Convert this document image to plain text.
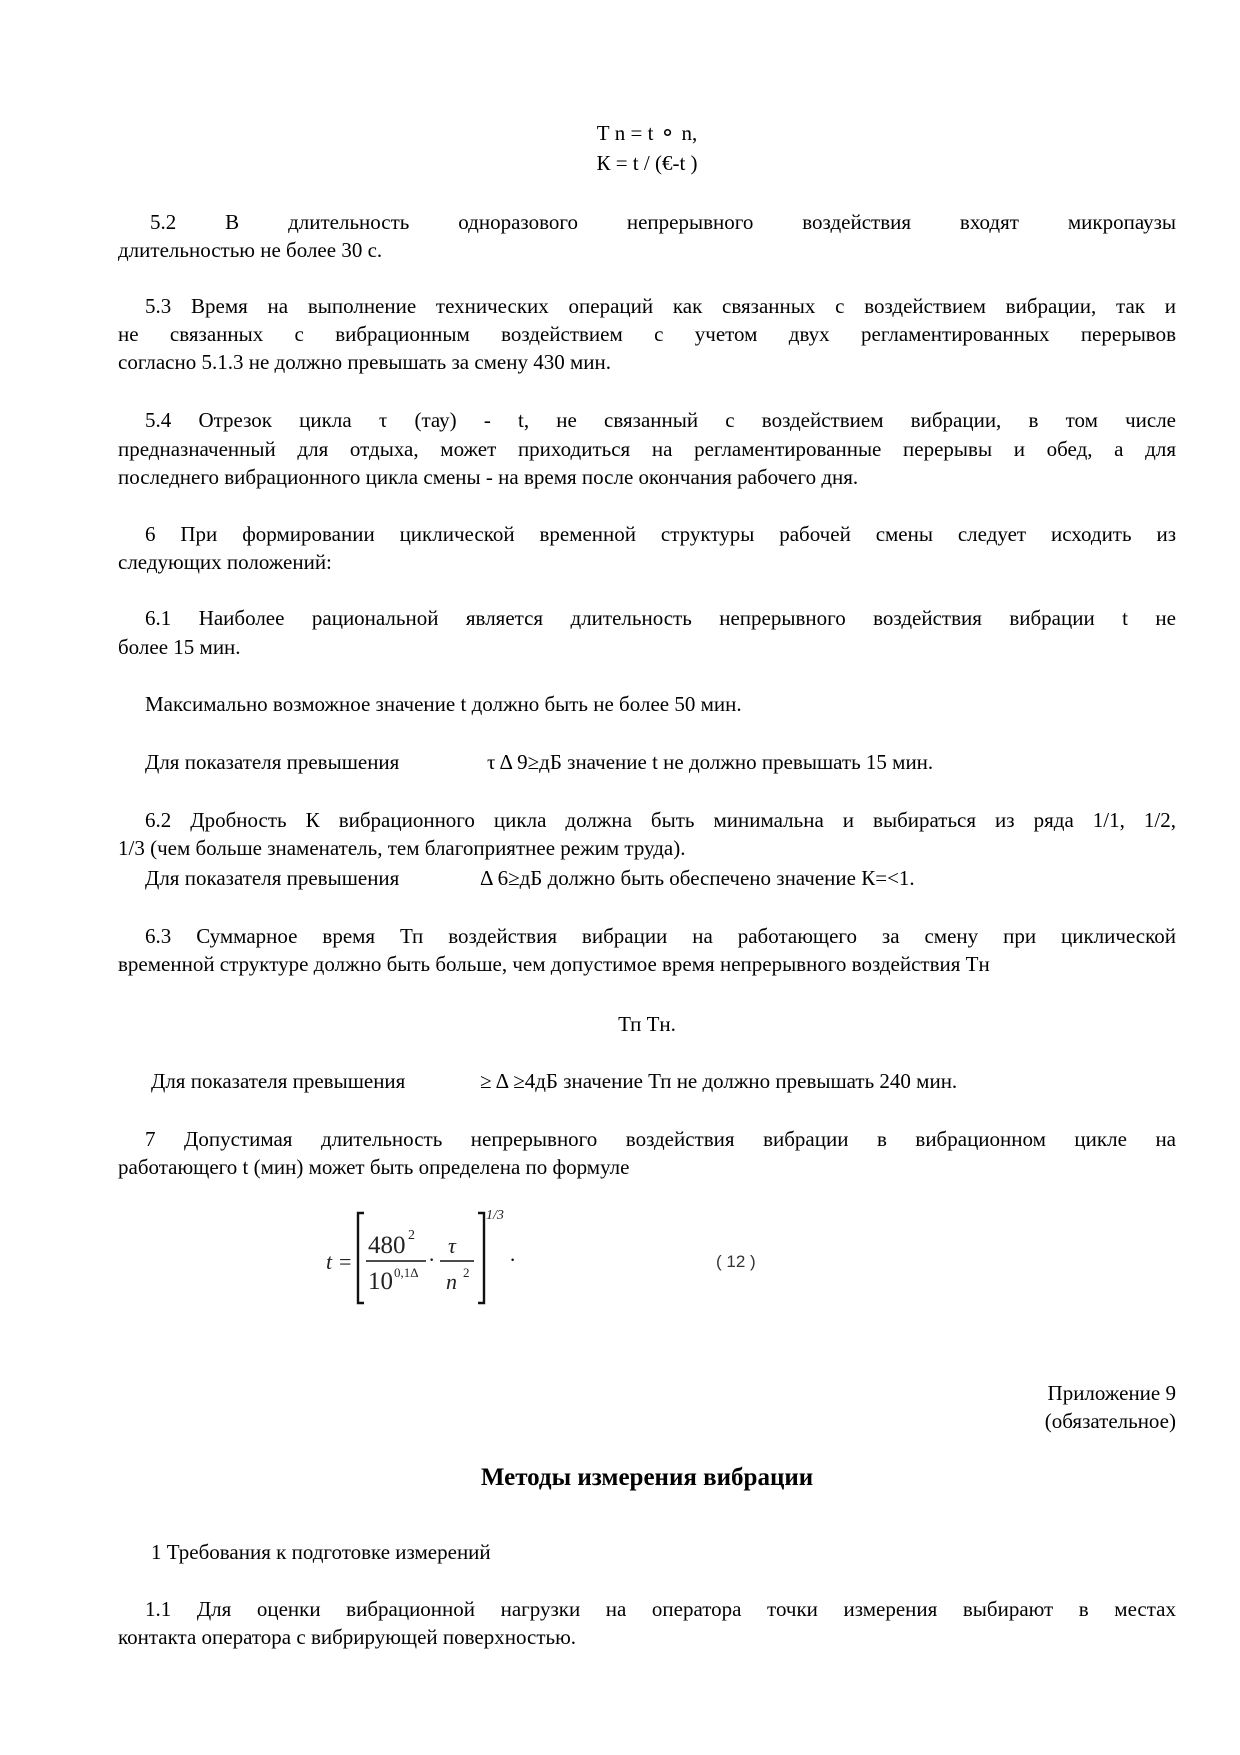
Т n = t ⚬ n,
К = t / (€-t )
5.2 В длительность одноразового непрерывного воздействия входят микропаузы
длительностью не более 30 с.
5.3 Время на выполнение технических операций как связанных с воздействием вибрации, так и
не связанных с вибрационным воздействием с учетом двух регламентированных перерывов
согласно 5.1.3 не должно превышать за смену 430 мин.
5.4 Отрезок цикла τ (тау) - t, не связанный с воздействием вибрации, в том числе
предназначенный для отдыха, может приходиться на регламентированные перерывы и обед, а для
последнего вибрационного цикла смены - на время после окончания рабочего дня.
6 При формировании циклической временной структуры рабочей смены следует исходить из
следующих положений:
6.1 Наиболее рациональной является длительность непрерывного воздействия вибрации t не
более 15 мин.
Максимально возможное значение t должно быть не более 50 мин.
Для показателя превышения	τ Δ 9≥дБ значение t не должно превышать 15 мин.
6.2 Дробность К вибрационного цикла должна быть минимальна и выбираться из ряда 1/1, 1/2,
1/3 (чем больше знаменатель, тем благоприятнее режим труда).
Для показателя превышения	Δ 6≥дБ должно быть обеспечено значение К=<1.
6.3 Суммарное время Тп воздействия вибрации на работающего за смену при циклической
временной структуре должно быть больше, чем допустимое время непрерывного воздействия Тн
Тп Тн.
Для показателя превышения	≥ Δ ≥4дБ значение Тп не должно превышать 240 мин.
7 Допустимая длительность непрерывного воздействия вибрации в вибрационном цикле на
работающего t (мин) может быть определена по формуле
t =
480 2
10 0,1Δ
·
τ
n 2
1/3
.	( 12 )
Приложение 9
(обязательное)
Методы измерения вибрации
1 Требования к подготовке измерений
1.1 Для оценки вибрационной нагрузки на оператора точки измерения выбирают в местах
контакта оператора с вибрирующей поверхностью.
